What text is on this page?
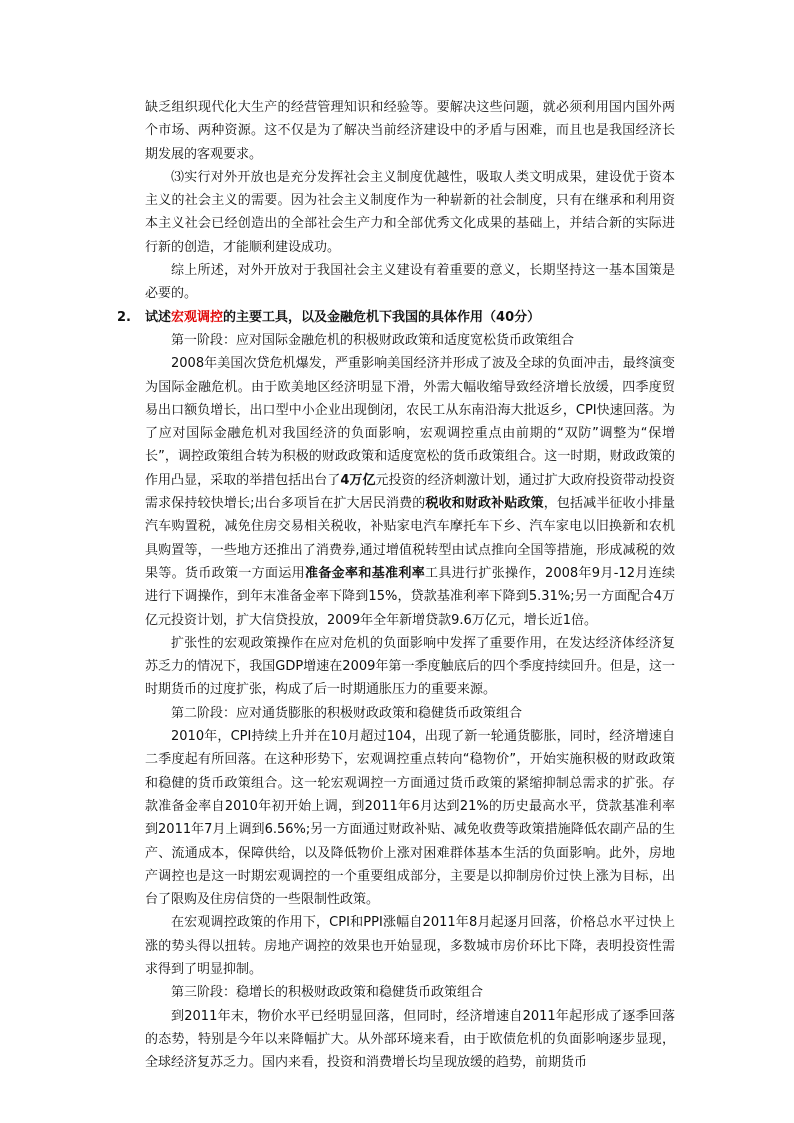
缺乏组织现代化大生产的经营管理知识和经验等。要解决这些问题，就必须利用国内国外两个市场、两种资源。这不仅是为了解决当前经济建设中的矛盾与困难，而且也是我国经济长期发展的客观要求。

⑶实行对外开放也是充分发挥社会主义制度优越性，吸取人类文明成果，建设优于资本主义的社会主义的需要。因为社会主义制度作为一种崭新的社会制度，只有在继承和利用资本主义社会已经创造出的全部社会生产力和全部优秀文化成果的基础上，并结合新的实际进行新的创造，才能顺利建设成功。

综上所述，对外开放对于我国社会主义建设有着重要的意义，长期坚持这一基本国策是必要的。

2. 试述宏观调控的主要工具，以及金融危机下我国的具体作用（40分）

第一阶段：应对国际金融危机的积极财政政策和适度宽松货币政策组合

2008年美国次贷危机爆发，严重影响美国经济并形成了波及全球的负面冲击，最终演变为国际金融危机。由于欧美地区经济明显下滑，外需大幅收缩导致经济增长放缓，四季度贸易出口额负增长，出口型中小企业出现倒闭，农民工从东南沿海大批返乡，CPI快速回落。为了应对国际金融危机对我国经济的负面影响，宏观调控重点由前期的“双防”调整为“保增长”，调控政策组合转为积极的财政政策和适度宽松的货币政策组合。这一时期，财政政策的作用凸显，采取的举措包括出台了4万亿元投资的经济刺激计划，通过扩大政府投资带动投资需求保持较快增长;出台多项旨在扩大居民消费的税收和财政补贴政策，包括减半征收小排量汽车购置税，减免住房交易相关税收，补贴家电汽车摩托车下乡、汽车家电以旧换新和农机具购置等，一些地方还推出了消费券,通过增值税转型由试点推向全国等措施，形成减税的效果等。货币政策一方面运用准备金率和基准利率工具进行扩张操作，2008年9月-12月连续进行下调操作，到年末准备金率下降到15%，贷款基准利率下降到5.31%;另一方面配合4万亿元投资计划，扩大信贷投放，2009年全年新增贷款9.6万亿元，增长近1倍。

扩张性的宏观政策操作在应对危机的负面影响中发挥了重要作用，在发达经济体经济复苏乏力的情况下，我国GDP增速在2009年第一季度触底后的四个季度持续回升。但是，这一时期货币的过度扩张，构成了后一时期通胀压力的重要来源。

第二阶段：应对通货膨胀的积极财政政策和稳健货币政策组合

2010年，CPI持续上升并在10月超过104，出现了新一轮通货膨胀，同时，经济增速自二季度起有所回落。在这种形势下，宏观调控重点转向“稳物价”，开始实施积极的财政政策和稳健的货币政策组合。这一轮宏观调控一方面通过货币政策的紧缩抑制总需求的扩张。存款准备金率自2010年初开始上调，到2011年6月达到21%的历史最高水平，贷款基准利率到2011年7月上调到6.56%;另一方面通过财政补贴、减免收费等政策措施降低农副产品的生产、流通成本，保障供给，以及降低物价上涨对困难群体基本生活的负面影响。此外，房地产调控也是这一时期宏观调控的一个重要组成部分，主要是以抑制房价过快上涨为目标，出台了限购及住房信贷的一些限制性政策。

在宏观调控政策的作用下，CPI和PPI涨幅自2011年8月起逐月回落，价格总水平过快上涨的势头得以扭转。房地产调控的效果也开始显现，多数城市房价环比下降，表明投资性需求得到了明显抑制。

第三阶段：稳增长的积极财政政策和稳健货币政策组合

到2011年末，物价水平已经明显回落，但同时，经济增速自2011年起形成了逐季回落的态势，特别是今年以来降幅扩大。从外部环境来看，由于欧债危机的负面影响逐步显现，全球经济复苏乏力。国内来看，投资和消费增长均呈现放缓的趋势，前期货币
